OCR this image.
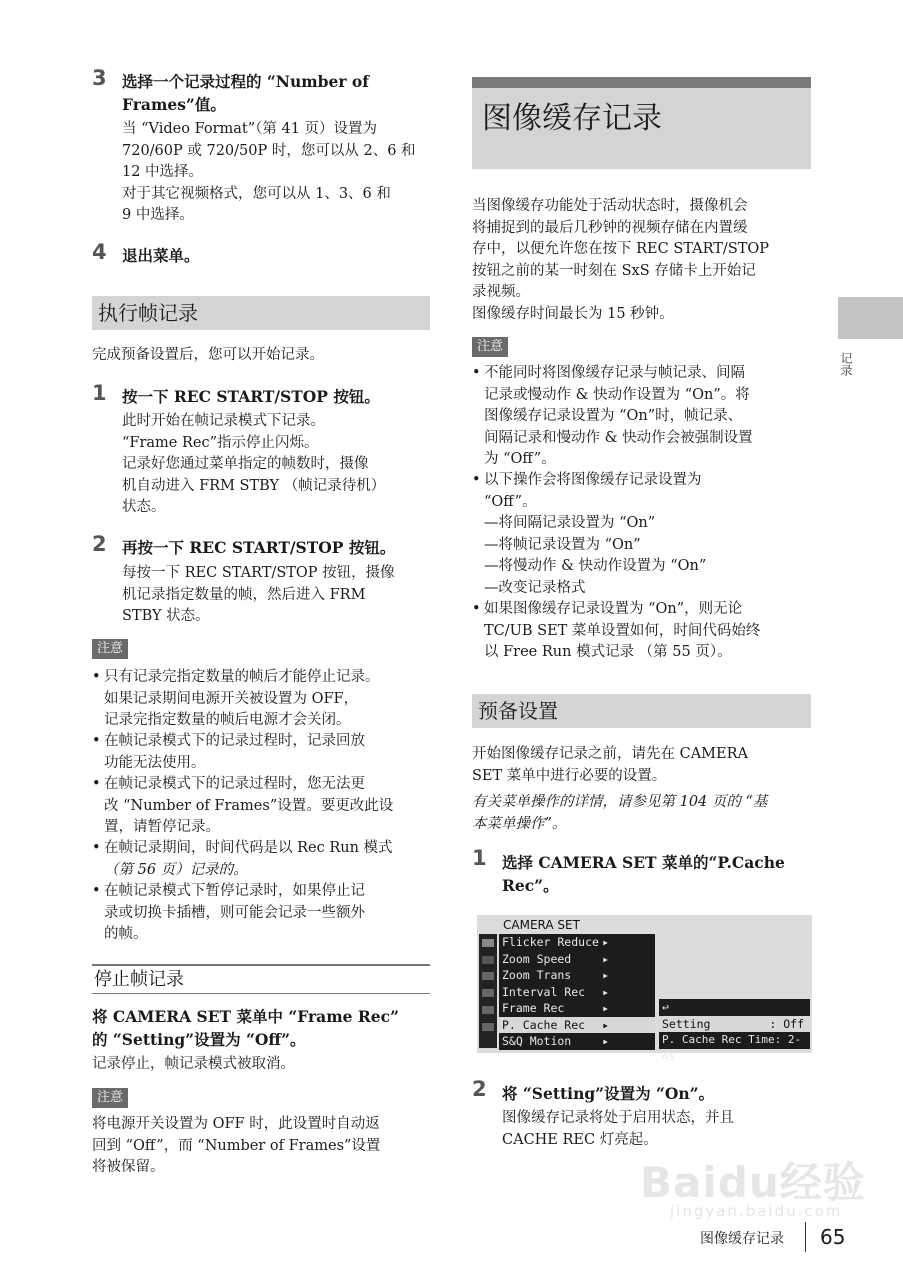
3 选择一个记录过程的 “Number of
Frames”值。
当 “Video Format”（第 41 页）设置为
720/60P 或 720/50P 时，您可以从 2、6 和
12 中选择。
对于其它视频格式，您可以从 1、3、6 和
9 中选择。
4 退出菜单。
执行帧记录
完成预备设置后，您可以开始记录。
1 按一下 REC START/STOP 按钮。
此时开始在帧记录模式下记录。
“Frame Rec”指示停止闪烁。
记录好您通过菜单指定的帧数时，摄像
机自动进入 FRM STBY （帧记录待机）
状态。
2 再按一下 REC START/STOP 按钮。
每按一下 REC START/STOP 按钮，摄像
机记录指定数量的帧，然后进入 FRM
STBY 状态。
注意
• 只有记录完指定数量的帧后才能停止记录。
如果记录期间电源开关被设置为 OFF，
记录完指定数量的帧后电源才会关闭。
• 在帧记录模式下的记录过程时，记录回放
功能无法使用。
• 在帧记录模式下的记录过程时，您无法更
改 “Number of Frames”设置。要更改此设
置，请暂停记录。
• 在帧记录期间，时间代码是以 Rec Run 模式
（第 56 页）记录的。
• 在帧记录模式下暂停记录时，如果停止记
录或切换卡插槽，则可能会记录一些额外
的帧。
停止帧记录
将 CAMERA SET 菜单中 “Frame Rec”
的 “Setting”设置为 “Off”。
记录停止，帧记录模式被取消。
注意
将电源开关设置为 OFF 时，此设置时自动返
回到 “Off”，而 “Number of Frames”设置
将被保留。
图像缓存记录
当图像缓存功能处于活动状态时，摄像机会
将捕捉到的最后几秒钟的视频存储在内置缓
存中，以便允许您在按下 REC START/STOP
按钮之前的某一时刻在 SxS 存储卡上开始记
录视频。
图像缓存时间最长为 15 秒钟。
注意
• 不能同时将图像缓存记录与帧记录、间隔
记录或慢动作 & 快动作设置为 “On”。将
图像缓存记录设置为 “On”时，帧记录、
间隔记录和慢动作 & 快动作会被强制设置
为 “Off”。
• 以下操作会将图像缓存记录设置为
“Off”。
—将间隔记录设置为 “On”
—将帧记录设置为 “On”
—将慢动作 & 快动作设置为 “On”
—改变记录格式
• 如果图像缓存记录设置为 “On”，则无论
TC/UB SET 菜单设置如何，时间代码始终
以 Free Run 模式记录 （第 55 页）。
预备设置
开始图像缓存记录之前，请先在 CAMERA
SET 菜单中进行必要的设置。
有关菜单操作的详情，请参见第 104 页的 “基
本菜单操作”。
1 选择 CAMERA SET 菜单的“P.Cache
Rec”。
CAMERA SET
Flicker Reduce ▸
Zoom Speed	▸
Zoom Trans	▸
Interval Rec ▸
Frame Rec	▸
P. Cache Rec ▸
S&Q Motion	▸
↩
Setting	: Off
P. Cache Rec Time: 2-4s
2 将 “Setting”设置为 “On”。
图像缓存记录将处于启用状态，并且
CACHE REC 灯亮起。
记录
Baidu经验
jingyan.baidu.com
图像缓存记录 65
